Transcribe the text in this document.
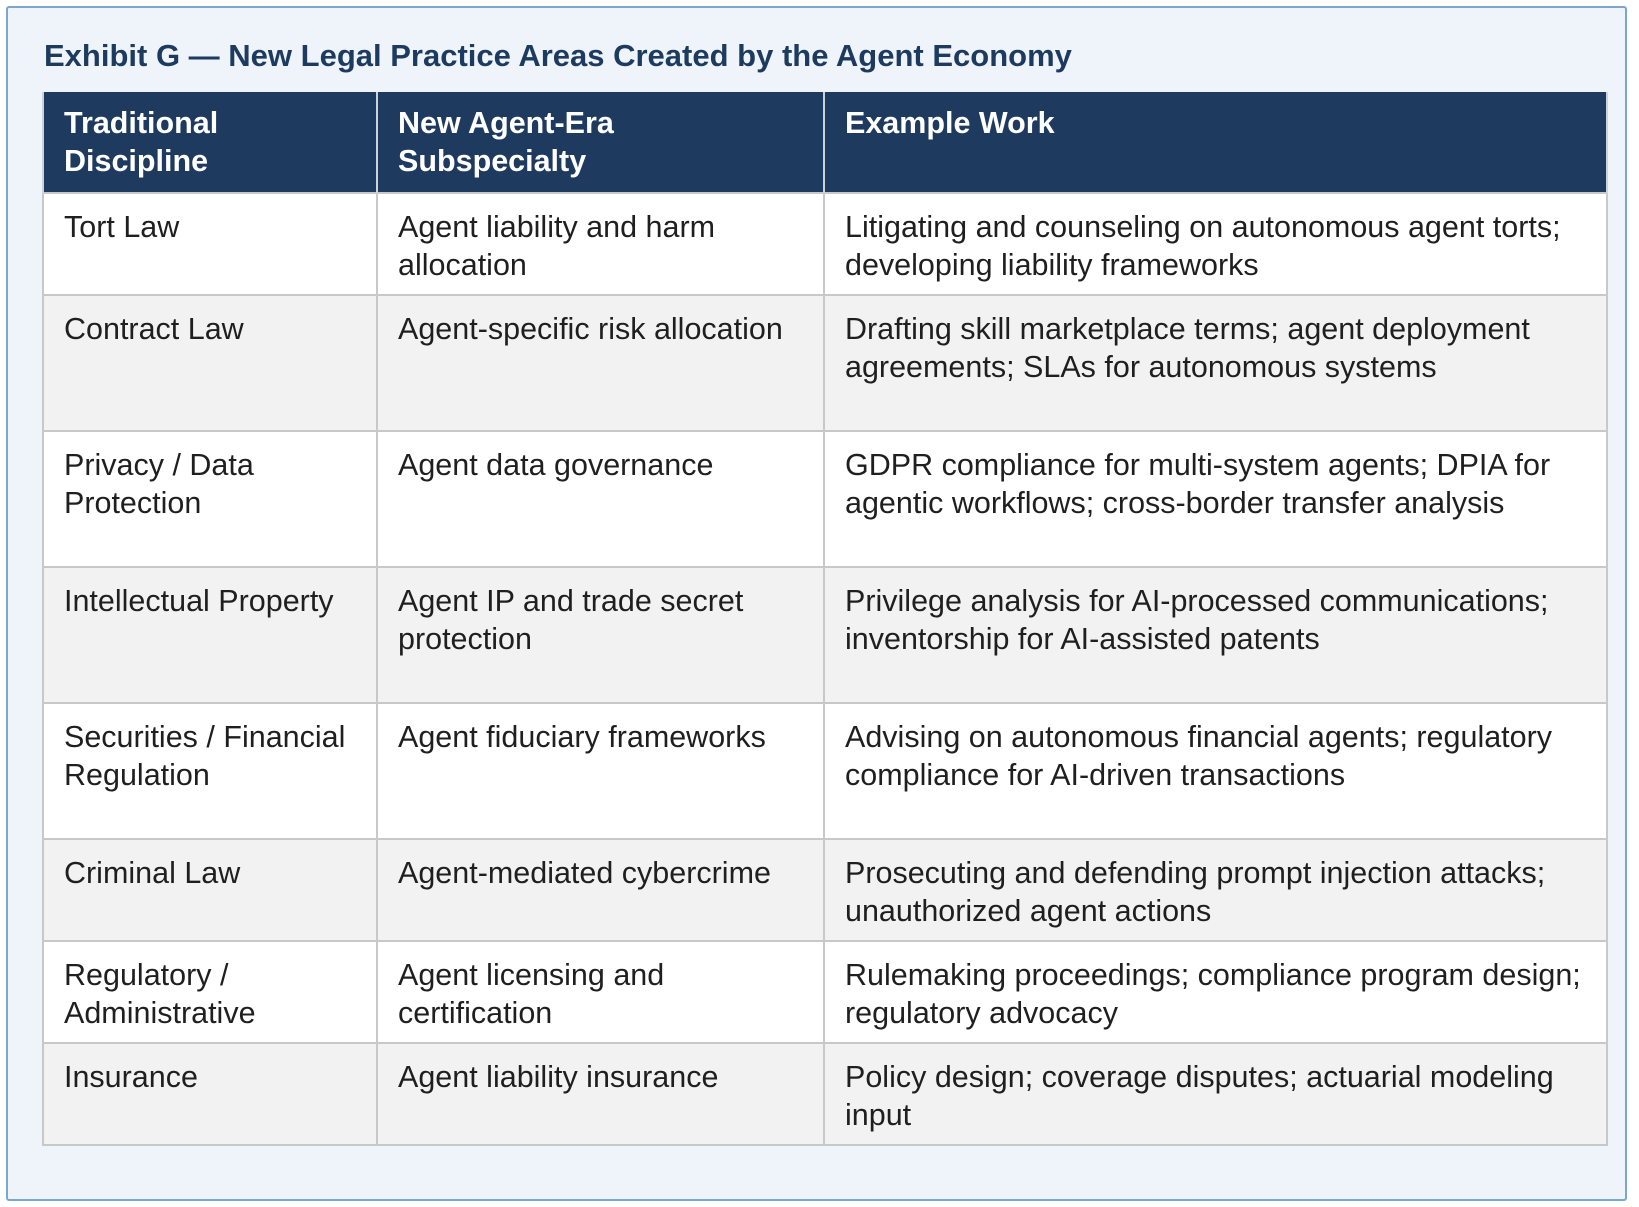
Exhibit G — New Legal Practice Areas Created by the Agent Economy
Traditional Discipline	New Agent-Era Subspecialty	Example Work
Tort Law	Agent liability and harm allocation	Litigating and counseling on autonomous agent torts; developing liability frameworks
Contract Law	Agent-specific risk allocation	Drafting skill marketplace terms; agent deployment agreements; SLAs for autonomous systems
Privacy / Data Protection	Agent data governance	GDPR compliance for multi-system agents; DPIA for agentic workflows; cross-border transfer analysis
Intellectual Property	Agent IP and trade secret protection	Privilege analysis for AI-processed communications; inventorship for AI-assisted patents
Securities / Financial Regulation	Agent fiduciary frameworks	Advising on autonomous financial agents; regulatory compliance for AI-driven transactions
Criminal Law	Agent-mediated cybercrime	Prosecuting and defending prompt injection attacks; unauthorized agent actions
Regulatory / Administrative	Agent licensing and certification	Rulemaking proceedings; compliance program design; regulatory advocacy
Insurance	Agent liability insurance	Policy design; coverage disputes; actuarial modeling input
